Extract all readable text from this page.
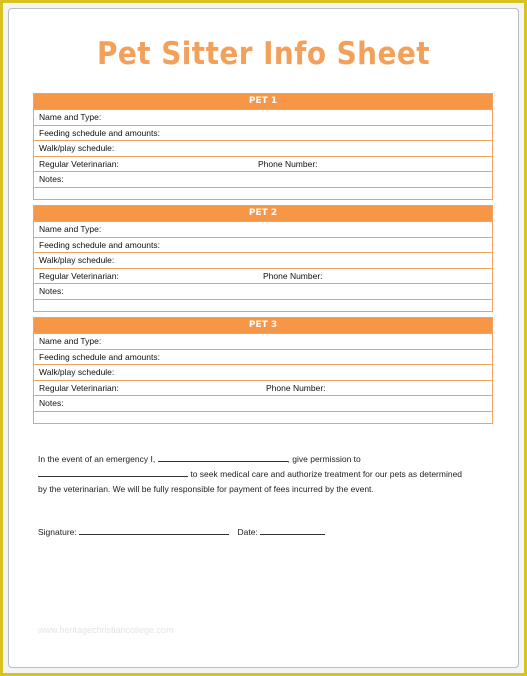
Pet Sitter Info Sheet
PET 1
Name and Type:
Feeding schedule and amounts:
Walk/play schedule:
Regular Veterinarian:	Phone Number:
Notes:
PET 2
Name and Type:
Feeding schedule and amounts:
Walk/play schedule:
Regular Veterinarian:	Phone Number:
Notes:
PET 3
Name and Type:
Feeding schedule and amounts:
Walk/play schedule:
Regular Veterinarian:	Phone Number:
Notes:
In the event of an emergency I,	, give permission to
to seek medical care and authorize treatment for our pets as determined
by the veterinarian. We will be fully responsible for payment of fees incurred by the event.
Signature:	Date:
www.heritagechristiancollege.com
